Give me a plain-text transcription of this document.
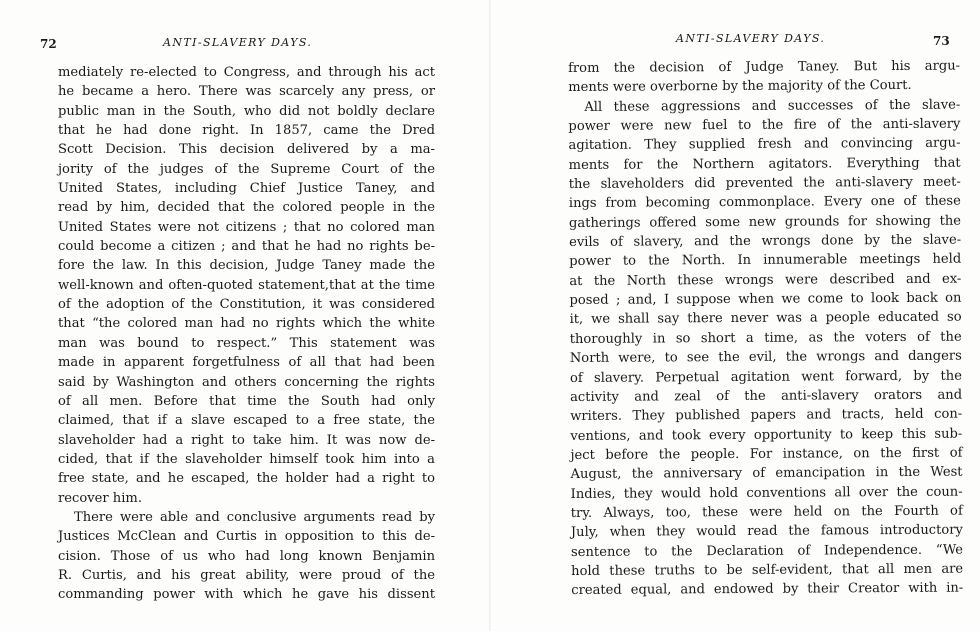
72	ANTI-SLAVERY DAYS.
mediately re-elected to Congress, and through his act
he became a hero. There was scarcely any press, or
public man in the South, who did not boldly declare
that he had done right. In 1857, came the Dred
Scott Decision. This decision delivered by a ma-
jority of the judges of the Supreme Court of the
United States, including Chief Justice Taney, and
read by him, decided that the colored people in the
United States were not citizens ; that no colored man
could become a citizen ; and that he had no rights be-
fore the law. In this decision, Judge Taney made the
well-known and often-quoted statement,that at the time
of the adoption of the Constitution, it was considered
that “the colored man had no rights which the white
man was bound to respect.” This statement was
made in apparent forgetfulness of all that had been
said by Washington and others concerning the rights
of all men. Before that time the South had only
claimed, that if a slave escaped to a free state, the
slaveholder had a right to take him. It was now de-
cided, that if the slaveholder himself took him into a
free state, and he escaped, the holder had a right to
recover him.
There were able and conclusive arguments read by
Justices McClean and Curtis in opposition to this de-
cision. Those of us who had long known Benjamin
R. Curtis, and his great ability, were proud of the
commanding power with which he gave his dissent
ANTI-SLAVERY DAYS.	73
from the decision of Judge Taney. But his argu-
ments were overborne by the majority of the Court.
All these aggressions and successes of the slave-
power were new fuel to the fire of the anti-slavery
agitation. They supplied fresh and convincing argu-
ments for the Northern agitators. Everything that
the slaveholders did prevented the anti-slavery meet-
ings from becoming commonplace. Every one of these
gatherings offered some new grounds for showing the
evils of slavery, and the wrongs done by the slave-
power to the North. In innumerable meetings held
at the North these wrongs were described and ex-
posed ; and, I suppose when we come to look back on
it, we shall say there never was a people educated so
thoroughly in so short a time, as the voters of the
North were, to see the evil, the wrongs and dangers
of slavery. Perpetual agitation went forward, by the
activity and zeal of the anti-slavery orators and
writers. They published papers and tracts, held con-
ventions, and took every opportunity to keep this sub-
ject before the people. For instance, on the first of
August, the anniversary of emancipation in the West
Indies, they would hold conventions all over the coun-
try. Always, too, these were held on the Fourth of
July, when they would read the famous introductory
sentence to the Declaration of Independence. “We
hold these truths to be self-evident, that all men are
created equal, and endowed by their Creator with in-
